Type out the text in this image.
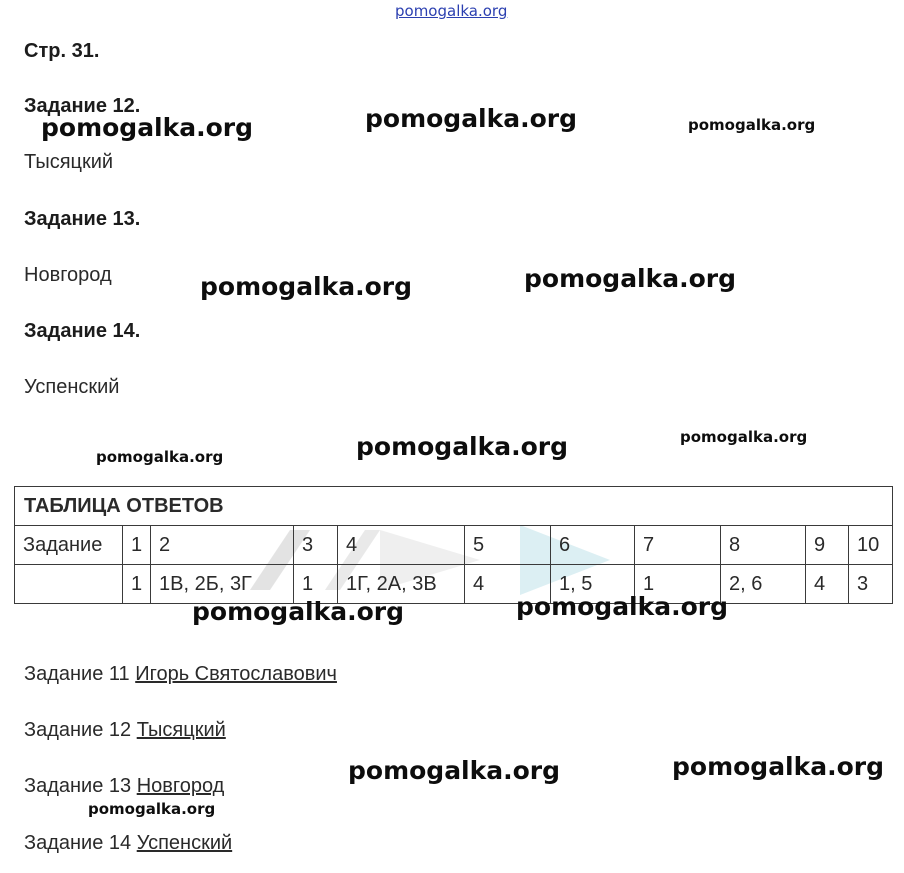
pomogalka.org
Стр. 31.
Задание 12.
Тысяцкий
Задание 13.
Новгород
Задание 14.
Успенский
pomogalka.org	pomogalka.org	pomogalka.org
pomogalka.org	pomogalka.org
pomogalka.org	pomogalka.org	pomogalka.org
ТАБЛИЦА ОТВЕТОВ										
Задание	1	2	3	4	5	6	7	8	9	10
	1	1В, 2Б, 3Г	1	1Г, 2А, 3В	4	1, 5	1	2, 6	4	3
pomogalka.org	pomogalka.org
Задание 11 Игорь Святославович
Задание 12 Тысяцкий
Задание 13 Новгород
Задание 14 Успенский
pomogalka.org	pomogalka.org
pomogalka.org
